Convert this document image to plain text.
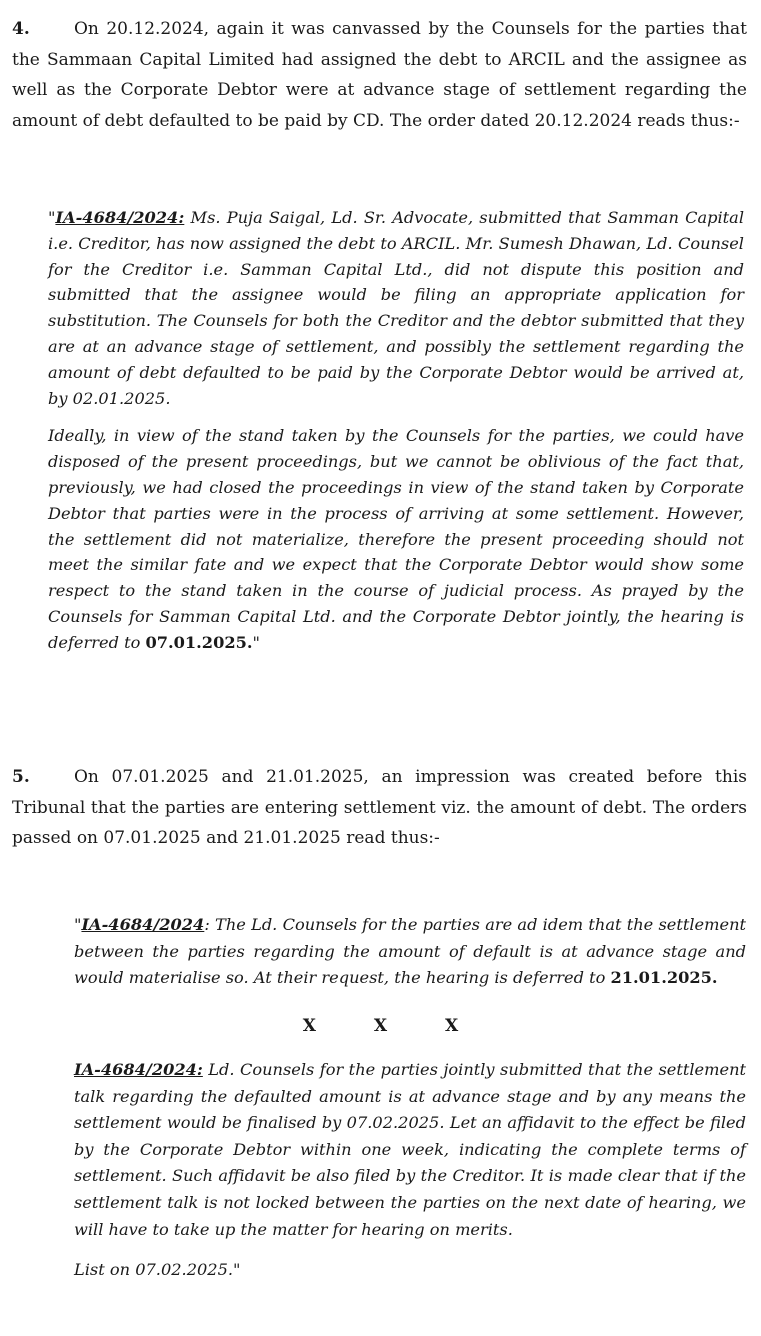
4.	On 20.12.2024, again it was canvassed by the Counsels for the parties that the Sammaan Capital Limited had assigned the debt to ARCIL and the assignee as well as the Corporate Debtor were at advance stage of settlement regarding the amount of debt defaulted to be paid by CD. The order dated 20.12.2024 reads thus:-

"IA-4684/2024: Ms. Puja Saigal, Ld. Sr. Advocate, submitted that Samman Capital i.e. Creditor, has now assigned the debt to ARCIL. Mr. Sumesh Dhawan, Ld. Counsel for the Creditor i.e. Samman Capital Ltd., did not dispute this position and submitted that the assignee would be filing an appropriate application for substitution. The Counsels for both the Creditor and the debtor submitted that they are at an advance stage of settlement, and possibly the settlement regarding the amount of debt defaulted to be paid by the Corporate Debtor would be arrived at, by 02.01.2025.

Ideally, in view of the stand taken by the Counsels for the parties, we could have disposed of the present proceedings, but we cannot be oblivious of the fact that, previously, we had closed the proceedings in view of the stand taken by Corporate Debtor that parties were in the process of arriving at some settlement. However, the settlement did not materialize, therefore the present proceeding should not meet the similar fate and we expect that the Corporate Debtor would show some respect to the stand taken in the course of judicial process. As prayed by the Counsels for Samman Capital Ltd. and the Corporate Debtor jointly, the hearing is deferred to 07.01.2025."

5.	On 07.01.2025 and 21.01.2025, an impression was created before this Tribunal that the parties are entering settlement viz. the amount of debt. The orders passed on 07.01.2025 and 21.01.2025 read thus:-

"IA-4684/2024: The Ld. Counsels for the parties are ad idem that the settlement between the parties regarding the amount of default is at advance stage and would materialise so. At their request, the hearing is deferred to 21.01.2025.

X X X

IA-4684/2024: Ld. Counsels for the parties jointly submitted that the settlement talk regarding the defaulted amount is at advance stage and by any means the settlement would be finalised by 07.02.2025. Let an affidavit to the effect be filed by the Corporate Debtor within one week, indicating the complete terms of settlement. Such affidavit be also filed by the Creditor. It is made clear that if the settlement talk is not locked between the parties on the next date of hearing, we will have to take up the matter for hearing on merits.

List on 07.02.2025."
